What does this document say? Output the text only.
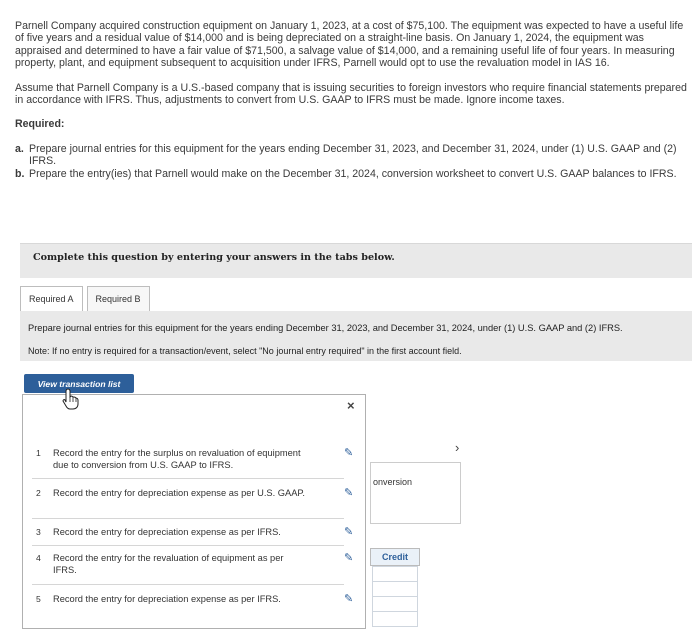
Parnell Company acquired construction equipment on January 1, 2023, at a cost of $75,100. The equipment was expected to have a useful life of five years and a residual value of $14,000 and is being depreciated on a straight-line basis. On January 1, 2024, the equipment was appraised and determined to have a fair value of $71,500, a salvage value of $14,000, and a remaining useful life of four years. In measuring property, plant, and equipment subsequent to acquisition under IFRS, Parnell would opt to use the revaluation model in IAS 16.

Assume that Parnell Company is a U.S.-based company that is issuing securities to foreign investors who require financial statements prepared in accordance with IFRS. Thus, adjustments to convert from U.S. GAAP to IFRS must be made. Ignore income taxes.

Required:
a. Prepare journal entries for this equipment for the years ending December 31, 2023, and December 31, 2024, under (1) U.S. GAAP and (2) IFRS.
b. Prepare the entry(ies) that Parnell would make on the December 31, 2024, conversion worksheet to convert U.S. GAAP balances to IFRS.
Complete this question by entering your answers in the tabs below.
Required A	Required B
Prepare journal entries for this equipment for the years ending December 31, 2023, and December 31, 2024, under (1) U.S. GAAP and (2) IFRS.
Note: If no entry is required for a transaction/event, select "No journal entry required" in the first account field.
onversion
Credit
›
View transaction list
×
1 Record the entry for the surplus on revaluation of equipment due to conversion from U.S. GAAP to IFRS.
✎
2 Record the entry for depreciation expense as per U.S. GAAP.	✎
3 Record the entry for depreciation expense as per IFRS.	✎
4 Record the entry for the revaluation of equipment as per IFRS.
✎
5 Record the entry for depreciation expense as per IFRS.	✎
